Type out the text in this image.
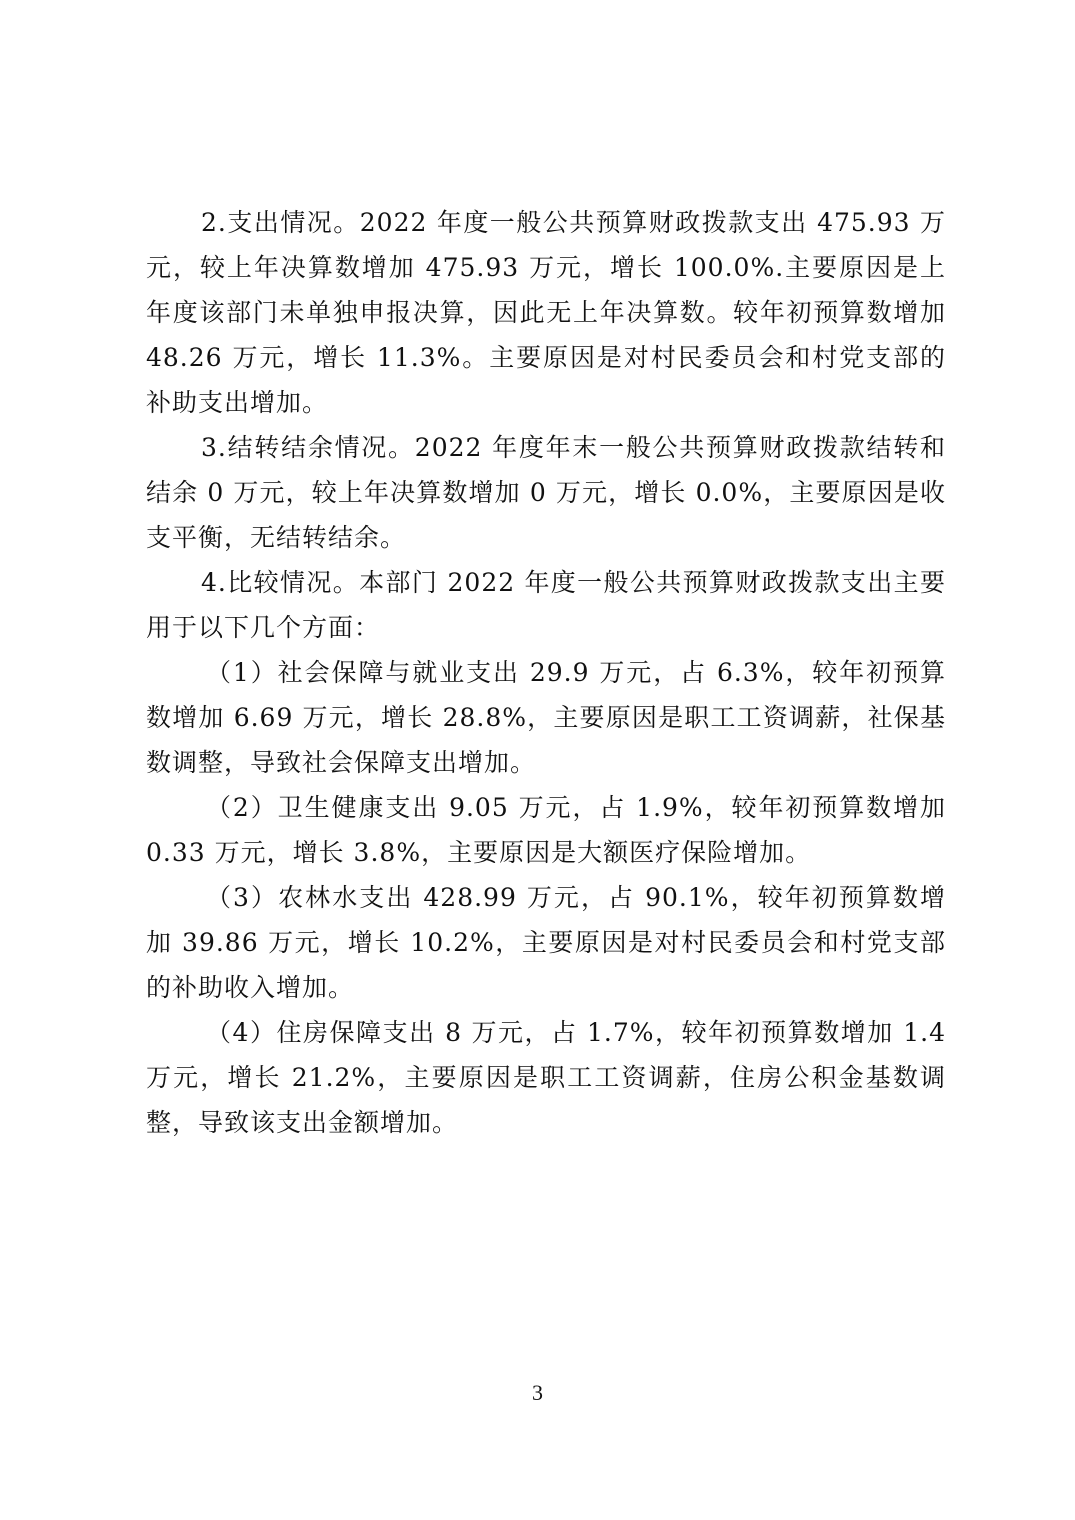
2.支出情况。2022 年度一般公共预算财政拨款支出 475.93 万元，较上年决算数增加 475.93 万元，增长 100.0%.主要原因是上年度该部门未单独申报决算，因此无上年决算数。较年初预算数增加 48.26 万元，增长 11.3%。主要原因是对村民委员会和村党支部的补助支出增加。

3.结转结余情况。2022 年度年末一般公共预算财政拨款结转和结余 0 万元，较上年决算数增加 0 万元，增长 0.0%，主要原因是收支平衡，无结转结余。

4.比较情况。本部门 2022 年度一般公共预算财政拨款支出主要用于以下几个方面：

（1）社会保障与就业支出 29.9 万元，占 6.3%，较年初预算数增加 6.69 万元，增长 28.8%，主要原因是职工工资调薪，社保基数调整，导致社会保障支出增加。

（2）卫生健康支出 9.05 万元，占 1.9%，较年初预算数增加 0.33 万元，增长 3.8%，主要原因是大额医疗保险增加。

（3）农林水支出 428.99 万元，占 90.1%，较年初预算数增加 39.86 万元，增长 10.2%，主要原因是对村民委员会和村党支部的补助收入增加。

（4）住房保障支出 8 万元，占 1.7%，较年初预算数增加 1.4 万元，增长 21.2%，主要原因是职工工资调薪，住房公积金基数调整，导致该支出金额增加。

3
